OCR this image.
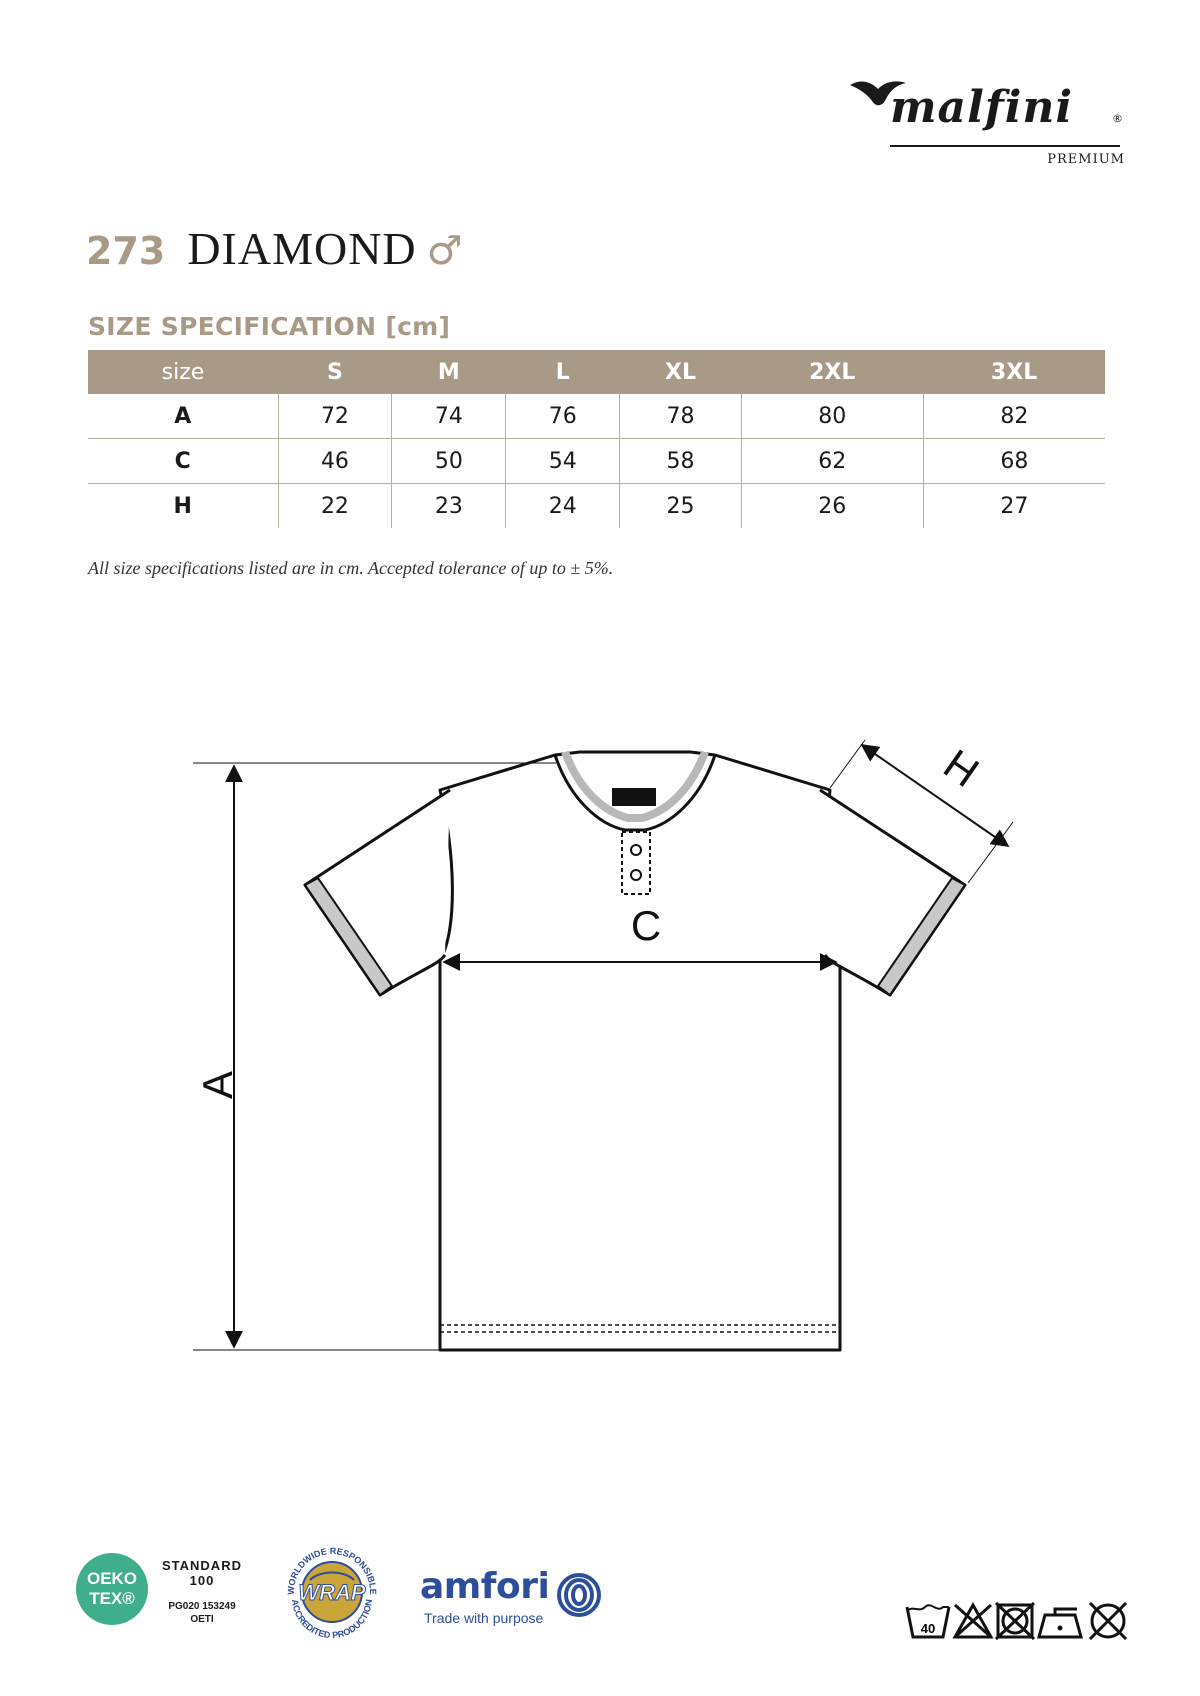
malfini	®
PREMIUM
273 DIAMOND ♂
SIZE SPECIFICATION [cm]
size	S	M	L	XL	2XL	3XL
A	72	74	76	78	80	82
C	46	50	54	58	62	68
H	22	23	24	25	26	27
All size specifications listed are in cm. Accepted tolerance of up to ± 5%.
A
C
H
OEKO
TEX®
STANDARD
100
PG020 153249
OETI
WORLDWIDE RESPONSIBLE
WRAP
ACCREDITED PRODUCTION amfori
Trade with purpose
40
